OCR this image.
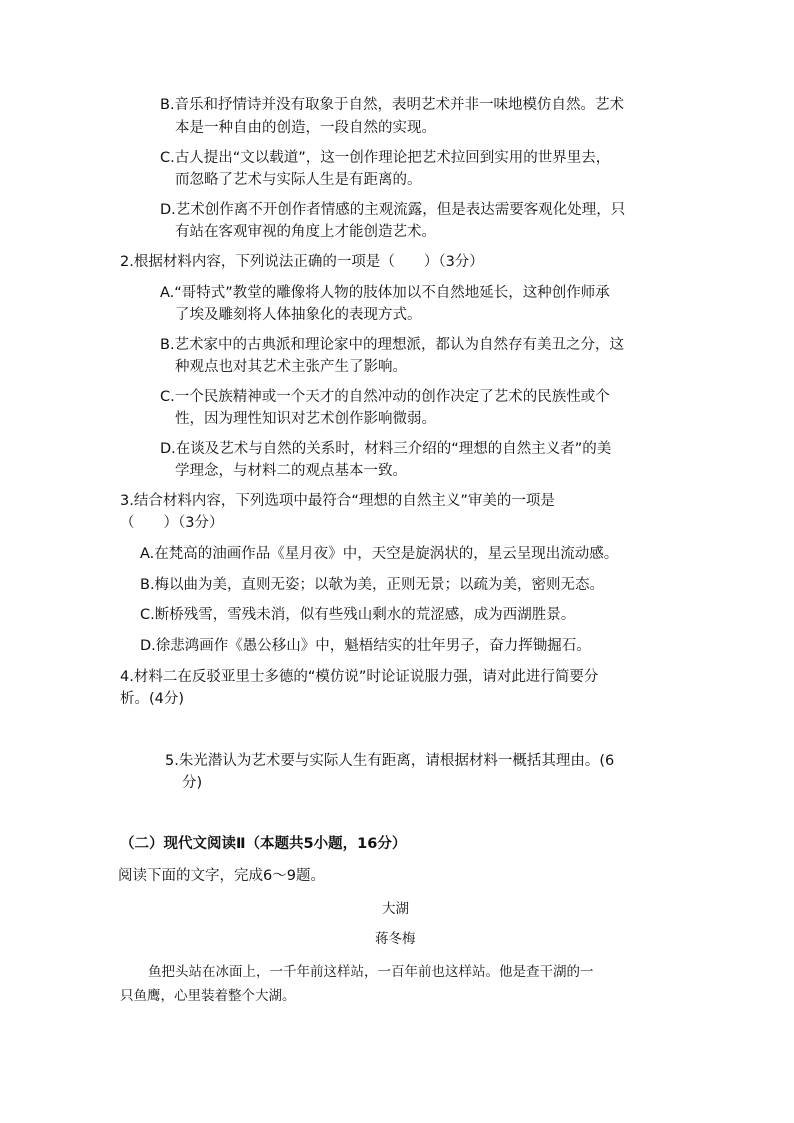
B.音乐和抒情诗并没有取象于自然，表明艺术并非一味地模仿自然。艺术
本是一种自由的创造，一段自然的实现。
C.古人提出“文以载道”，这一创作理论把艺术拉回到实用的世界里去，
而忽略了艺术与实际人生是有距离的。
D.艺术创作离不开创作者情感的主观流露，但是表达需要客观化处理，只
有站在客观审视的角度上才能创造艺术。
2.根据材料内容，下列说法正确的一项是（　　）（3分）
A.“哥特式”教堂的雕像将人物的肢体加以不自然地延长，这种创作师承
了埃及雕刻将人体抽象化的表现方式。
B.艺术家中的古典派和理论家中的理想派，都认为自然存有美丑之分，这
种观点也对其艺术主张产生了影响。
C.一个民族精神或一个天才的自然冲动的创作决定了艺术的民族性或个
性，因为理性知识对艺术创作影响微弱。
D.在谈及艺术与自然的关系时，材料三介绍的“理想的自然主义者”的美
学理念，与材料二的观点基本一致。
3.结合材料内容，下列选项中最符合“理想的自然主义”审美的一项是
（　　）（3分）
A.在梵高的油画作品《星月夜》中，天空是旋涡状的，星云呈现出流动感。
B.梅以曲为美，直则无姿；以欹为美，正则无景；以疏为美，密则无态。
C.断桥残雪，雪残未消，似有些残山剩水的荒涩感，成为西湖胜景。
D.徐悲鸿画作《愚公移山》中，魁梧结实的壮年男子，奋力挥锄掘石。
4.材料二在反驳亚里士多德的“模仿说”时论证说服力强，请对此进行简要分
析。(4分)
5.朱光潜认为艺术要与实际人生有距离，请根据材料一概括其理由。(6
分)
（二）现代文阅读Ⅱ（本题共5小题，16分）
阅读下面的文字，完成6～9题。
大湖
蒋冬梅
鱼把头站在冰面上，一千年前这样站，一百年前也这样站。他是查干湖的一
只鱼鹰，心里装着整个大湖。
